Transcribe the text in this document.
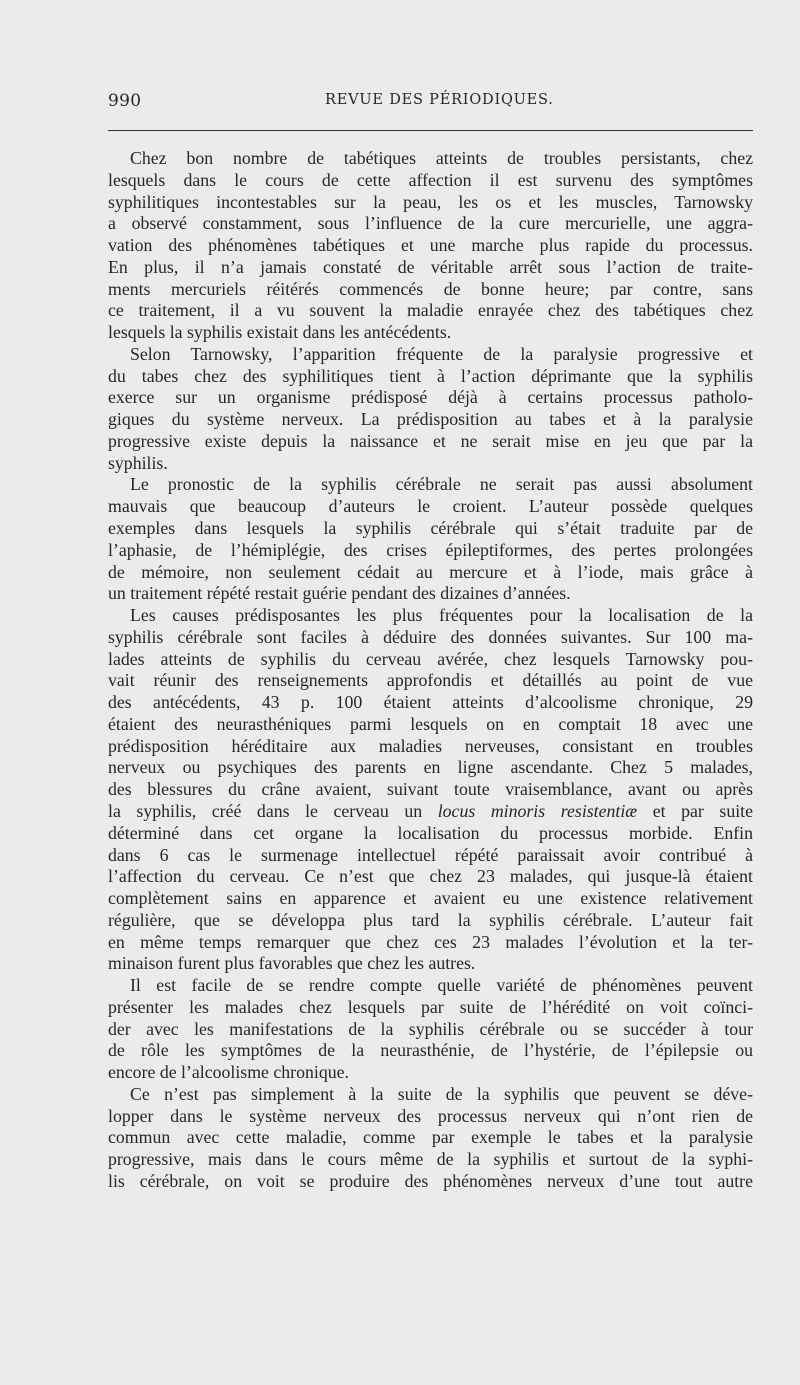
990	REVUE DES PÉRIODIQUES.
Chez bon nombre de tabétiques atteints de troubles persistants, chez
lesquels dans le cours de cette affection il est survenu des symptômes
syphilitiques incontestables sur la peau, les os et les muscles, Tarnowsky
a observé constamment, sous l’influence de la cure mercurielle, une aggra-
vation des phénomènes tabétiques et une marche plus rapide du processus.
En plus, il n’a jamais constaté de véritable arrêt sous l’action de traite-
ments mercuriels réitérés commencés de bonne heure; par contre, sans
ce traitement, il a vu souvent la maladie enrayée chez des tabétiques chez
lesquels la syphilis existait dans les antécédents.
Selon Tarnowsky, l’apparition fréquente de la paralysie progressive et
du tabes chez des syphilitiques tient à l’action déprimante que la syphilis
exerce sur un organisme prédisposé déjà à certains processus patholo-
giques du système nerveux. La prédisposition au tabes et à la paralysie
progressive existe depuis la naissance et ne serait mise en jeu que par la
syphilis.
Le pronostic de la syphilis cérébrale ne serait pas aussi absolument
mauvais que beaucoup d’auteurs le croient. L’auteur possède quelques
exemples dans lesquels la syphilis cérébrale qui s’était traduite par de
l’aphasie, de l’hémiplégie, des crises épileptiformes, des pertes prolongées
de mémoire, non seulement cédait au mercure et à l’iode, mais grâce à
un traitement répété restait guérie pendant des dizaines d’années.
Les causes prédisposantes les plus fréquentes pour la localisation de la
syphilis cérébrale sont faciles à déduire des données suivantes. Sur 100 ma-
lades atteints de syphilis du cerveau avérée, chez lesquels Tarnowsky pou-
vait réunir des renseignements approfondis et détaillés au point de vue
des antécédents, 43 p. 100 étaient atteints d’alcoolisme chronique, 29
étaient des neurasthéniques parmi lesquels on en comptait 18 avec une
prédisposition héréditaire aux maladies nerveuses, consistant en troubles
nerveux ou psychiques des parents en ligne ascendante. Chez 5 malades,
des blessures du crâne avaient, suivant toute vraisemblance, avant ou après
la syphilis, créé dans le cerveau un locus minoris resistentiæ et par suite
déterminé dans cet organe la localisation du processus morbide. Enfin
dans 6 cas le surmenage intellectuel répété paraissait avoir contribué à
l’affection du cerveau. Ce n’est que chez 23 malades, qui jusque-là étaient
complètement sains en apparence et avaient eu une existence relativement
régulière, que se développa plus tard la syphilis cérébrale. L’auteur fait
en même temps remarquer que chez ces 23 malades l’évolution et la ter-
minaison furent plus favorables que chez les autres.
Il est facile de se rendre compte quelle variété de phénomènes peuvent
présenter les malades chez lesquels par suite de l’hérédité on voit coïnci-
der avec les manifestations de la syphilis cérébrale ou se succéder à tour
de rôle les symptômes de la neurasthénie, de l’hystérie, de l’épilepsie ou
encore de l’alcoolisme chronique.
Ce n’est pas simplement à la suite de la syphilis que peuvent se déve-
lopper dans le système nerveux des processus nerveux qui n’ont rien de
commun avec cette maladie, comme par exemple le tabes et la paralysie
progressive, mais dans le cours même de la syphilis et surtout de la syphi-
lis cérébrale, on voit se produire des phénomènes nerveux d’une tout autre
